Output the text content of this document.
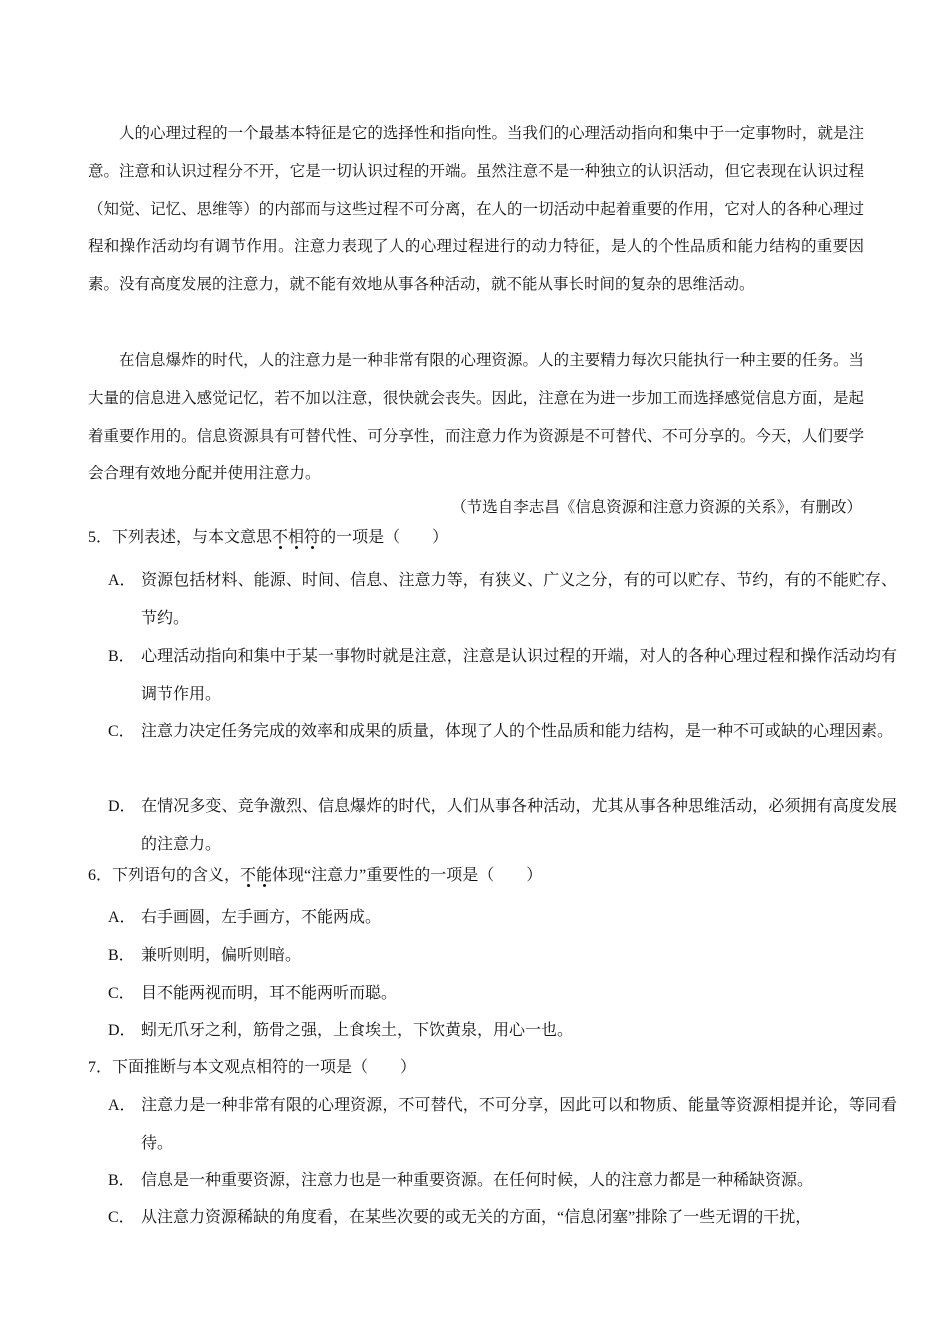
人的心理过程的一个最基本特征是它的选择性和指向性。当我们的心理活动指向和集中于一定事物时，就是注意。注意和认识过程分不开，它是一切认识过程的开端。虽然注意不是一种独立的认识活动，但它表现在认识过程（知觉、记忆、思维等）的内部而与这些过程不可分离，在人的一切活动中起着重要的作用，它对人的各种心理过程和操作活动均有调节作用。注意力表现了人的心理过程进行的动力特征，是人的个性品质和能力结构的重要因素。没有高度发展的注意力，就不能有效地从事各种活动，就不能从事长时间的复杂的思维活动。

在信息爆炸的时代，人的注意力是一种非常有限的心理资源。人的主要精力每次只能执行一种主要的任务。当大量的信息进入感觉记忆，若不加以注意，很快就会丧失。因此，注意在为进一步加工而选择感觉信息方面，是起着重要作用的。信息资源具有可替代性、可分享性，而注意力作为资源是不可替代、不可分享的。今天，人们要学会合理有效地分配并使用注意力。

（节选自李志昌《信息资源和注意力资源的关系》，有删改）

5．下列表述，与本文意思不相符的一项是（　　）

A． 资源包括材料、能源、时间、信息、注意力等，有狭义、广义之分，有的可以贮存、节约，有的不能贮存、节约。

B． 心理活动指向和集中于某一事物时就是注意，注意是认识过程的开端，对人的各种心理过程和操作活动均有调节作用。

C． 注意力决定任务完成的效率和成果的质量，体现了人的个性品质和能力结构，是一种不可或缺的心理因素。

D． 在情况多变、竞争激烈、信息爆炸的时代，人们从事各种活动，尤其从事各种思维活动，必须拥有高度发展的注意力。

6．下列语句的含义，不能体现“注意力”重要性的一项是（　　）

A． 右手画圆，左手画方，不能两成。

B． 兼听则明，偏听则暗。

C． 目不能两视而明，耳不能两听而聪。

D． 蚓无爪牙之利，筋骨之强，上食埃土，下饮黄泉，用心一也。

7．下面推断与本文观点相符的一项是（　　）

A． 注意力是一种非常有限的心理资源，不可替代，不可分享，因此可以和物质、能量等资源相提并论，等同看待。

B． 信息是一种重要资源，注意力也是一种重要资源。在任何时候，人的注意力都是一种稀缺资源。

C． 从注意力资源稀缺的角度看，在某些次要的或无关的方面，“信息闭塞”排除了一些无谓的干扰，
